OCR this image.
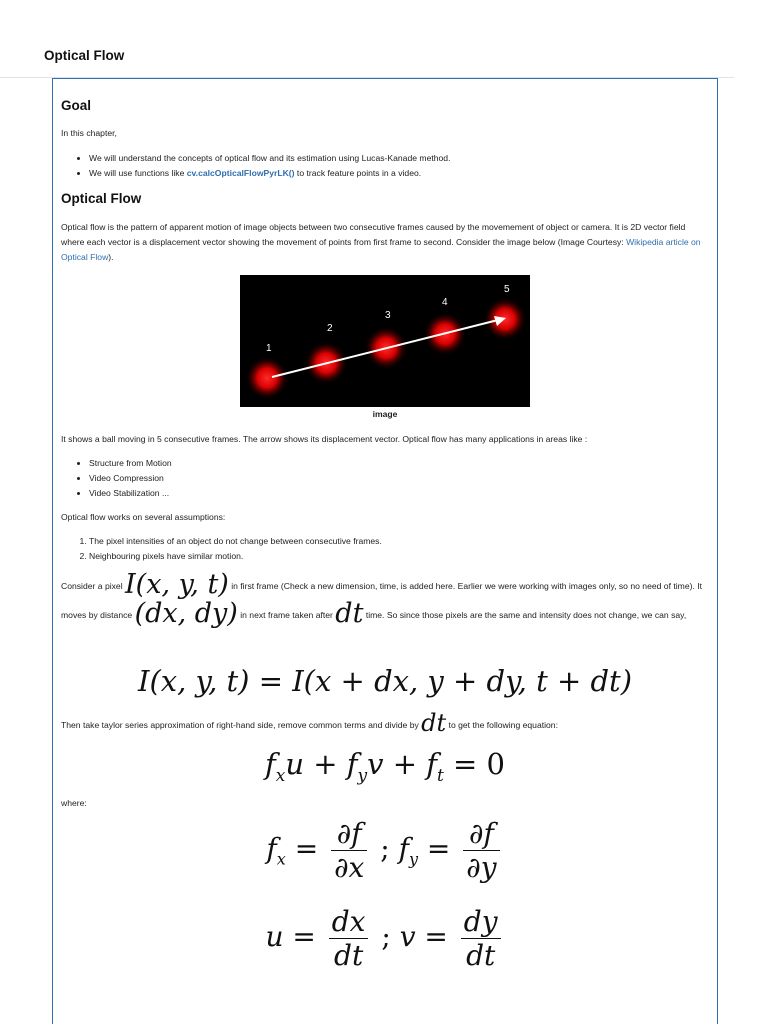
Optical Flow
Goal

In this chapter,

• We will understand the concepts of optical flow and its estimation using Lucas-Kanade method.
• We will use functions like cv.calcOpticalFlowPyrLK() to track feature points in a video.
Optical Flow

Optical flow is the pattern of apparent motion of image objects between two consecutive frames caused by the movemement of object or camera. It is 2D vector field where each vector is a displacement vector showing the movement of points from first frame to second. Consider the image below (Image Courtesy: Wikipedia article on Optical Flow).

1
2
3
4
5
image

It shows a ball moving in 5 consecutive frames. The arrow shows its displacement vector. Optical flow has many applications in areas like :

• Structure from Motion
• Video Compression
• Video Stabilization ...

Optical flow works on several assumptions:

1. The pixel intensities of an object do not change between consecutive frames.
2. Neighbouring pixels have similar motion.

Consider a pixel I(x, y, t) in first frame (Check a new dimension, time, is added here. Earlier we were working with images only, so no need of time). It moves by distance (dx, dy) in next frame taken after dt time. So since those pixels are the same and intensity does not change, we can say,

I(x, y, t) = I(x + dx, y + dy, t + dt)

Then take taylor series approximation of right-hand side, remove common terms and divide by dt to get the following equation:

$f_xu + f_yv + f_t = 0$

where:

$f_x = \frac{\partial f}{\partial x}$ ; $f_y = \frac{\partial f}{\partial y}$
$u = \frac{dx}{dt}$ ; $v = \frac{dy}{dt}$
